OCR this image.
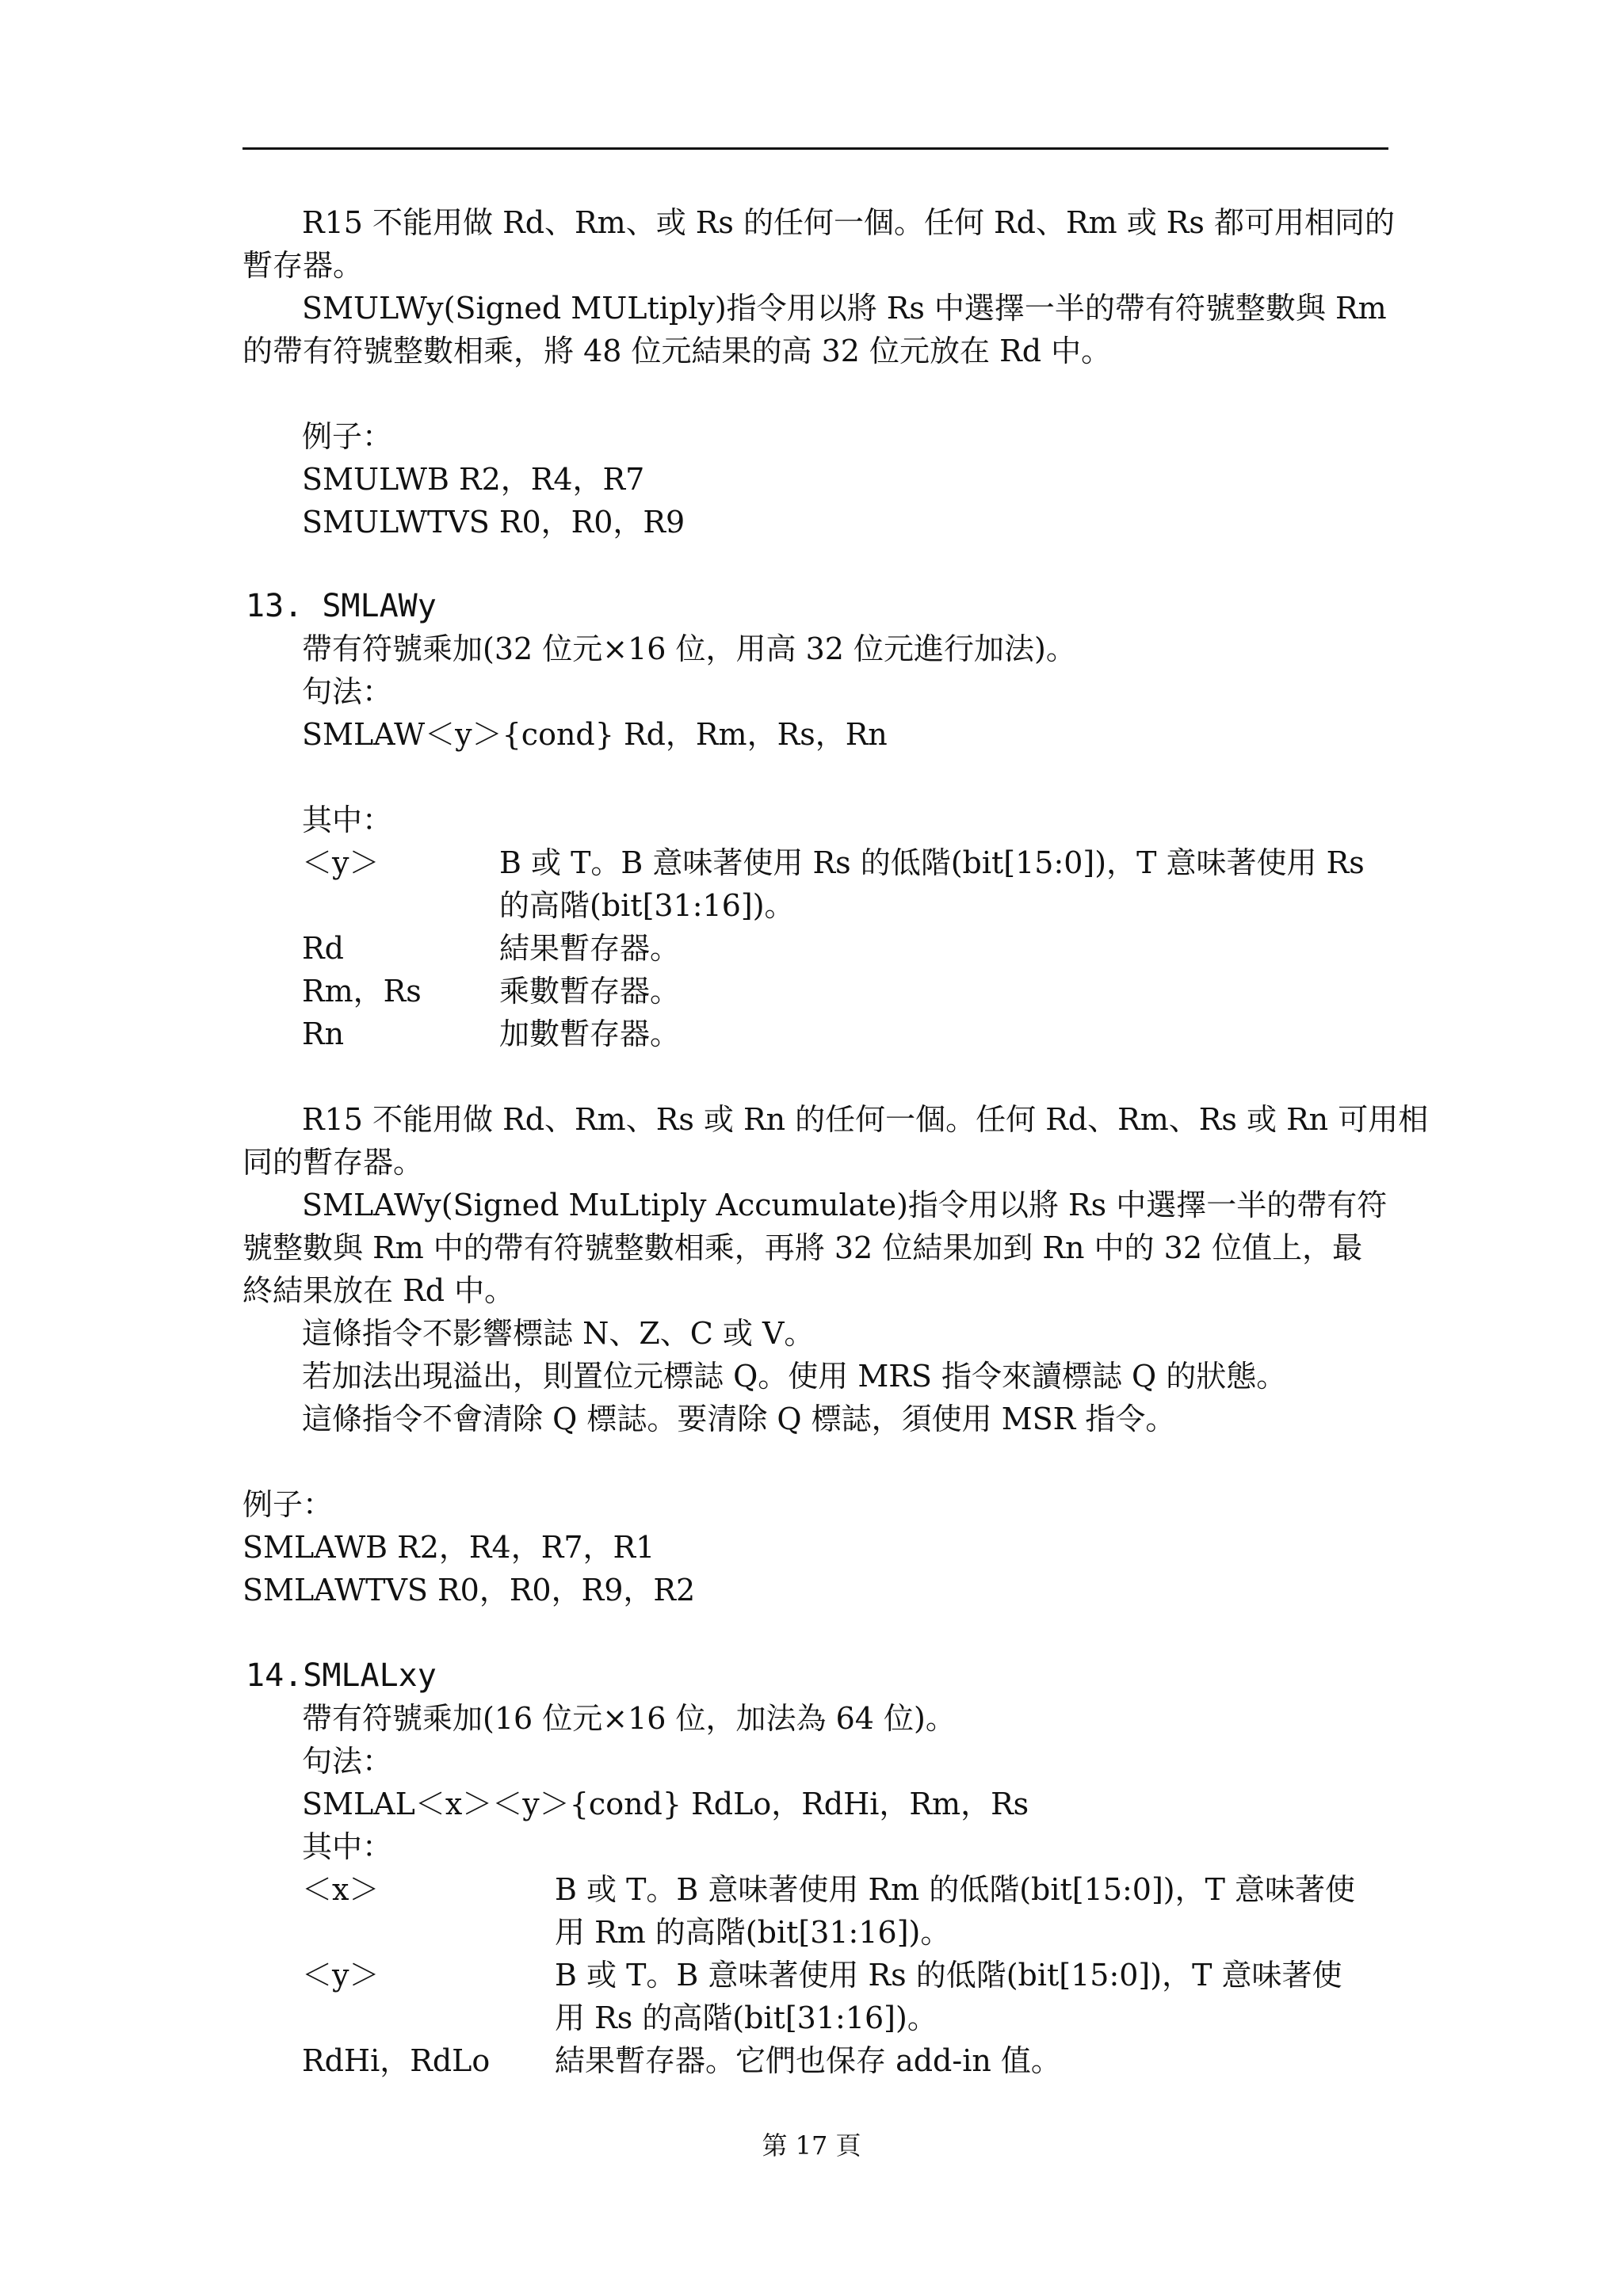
R15 不能用做 Rd、Rm、或 Rs 的任何一個。任何 Rd、Rm 或 Rs 都可用相同的
暫存器。
SMULWy(Signed MULtiply)指令用以將 Rs 中選擇一半的帶有符號整數與 Rm
的帶有符號整數相乘，將 48 位元結果的高 32 位元放在 Rd 中。
例子：
SMULWB R2，R4，R7
SMULWTVS R0，R0，R9
13. SMLAWy
帶有符號乘加(32 位元×16 位，用高 32 位元進行加法)。
句法：
SMLAW＜y＞{cond} Rd，Rm，Rs，Rn
其中：
＜y＞	B 或 T。B 意味著使用 Rs 的低階(bit[15:0])，T 意味著使用 Rs
的高階(bit[31:16])。
Rd	結果暫存器。
Rm，Rs	乘數暫存器。
Rn	加數暫存器。
R15 不能用做 Rd、Rm、Rs 或 Rn 的任何一個。任何 Rd、Rm、Rs 或 Rn 可用相
同的暫存器。
SMLAWy(Signed MuLtiply Accumulate)指令用以將 Rs 中選擇一半的帶有符
號整數與 Rm 中的帶有符號整數相乘，再將 32 位結果加到 Rn 中的 32 位值上，最
終結果放在 Rd 中。
這條指令不影響標誌 N、Z、C 或 V。
若加法出現溢出，則置位元標誌 Q。使用 MRS 指令來讀標誌 Q 的狀態。
這條指令不會清除 Q 標誌。要清除 Q 標誌，須使用 MSR 指令。
例子：
SMLAWB R2，R4，R7，R1
SMLAWTVS R0，R0，R9，R2
14.SMLALxy
帶有符號乘加(16 位元×16 位，加法為 64 位)。
句法：
SMLAL＜x＞＜y＞{cond} RdLo，RdHi，Rm，Rs
其中：
＜x＞	B 或 T。B 意味著使用 Rm 的低階(bit[15:0])，T 意味著使
用 Rm 的高階(bit[31:16])。
＜y＞	B 或 T。B 意味著使用 Rs 的低階(bit[15:0])，T 意味著使
用 Rs 的高階(bit[31:16])。
RdHi，RdLo 結果暫存器。它們也保存 add-in 值。
第 17 頁
